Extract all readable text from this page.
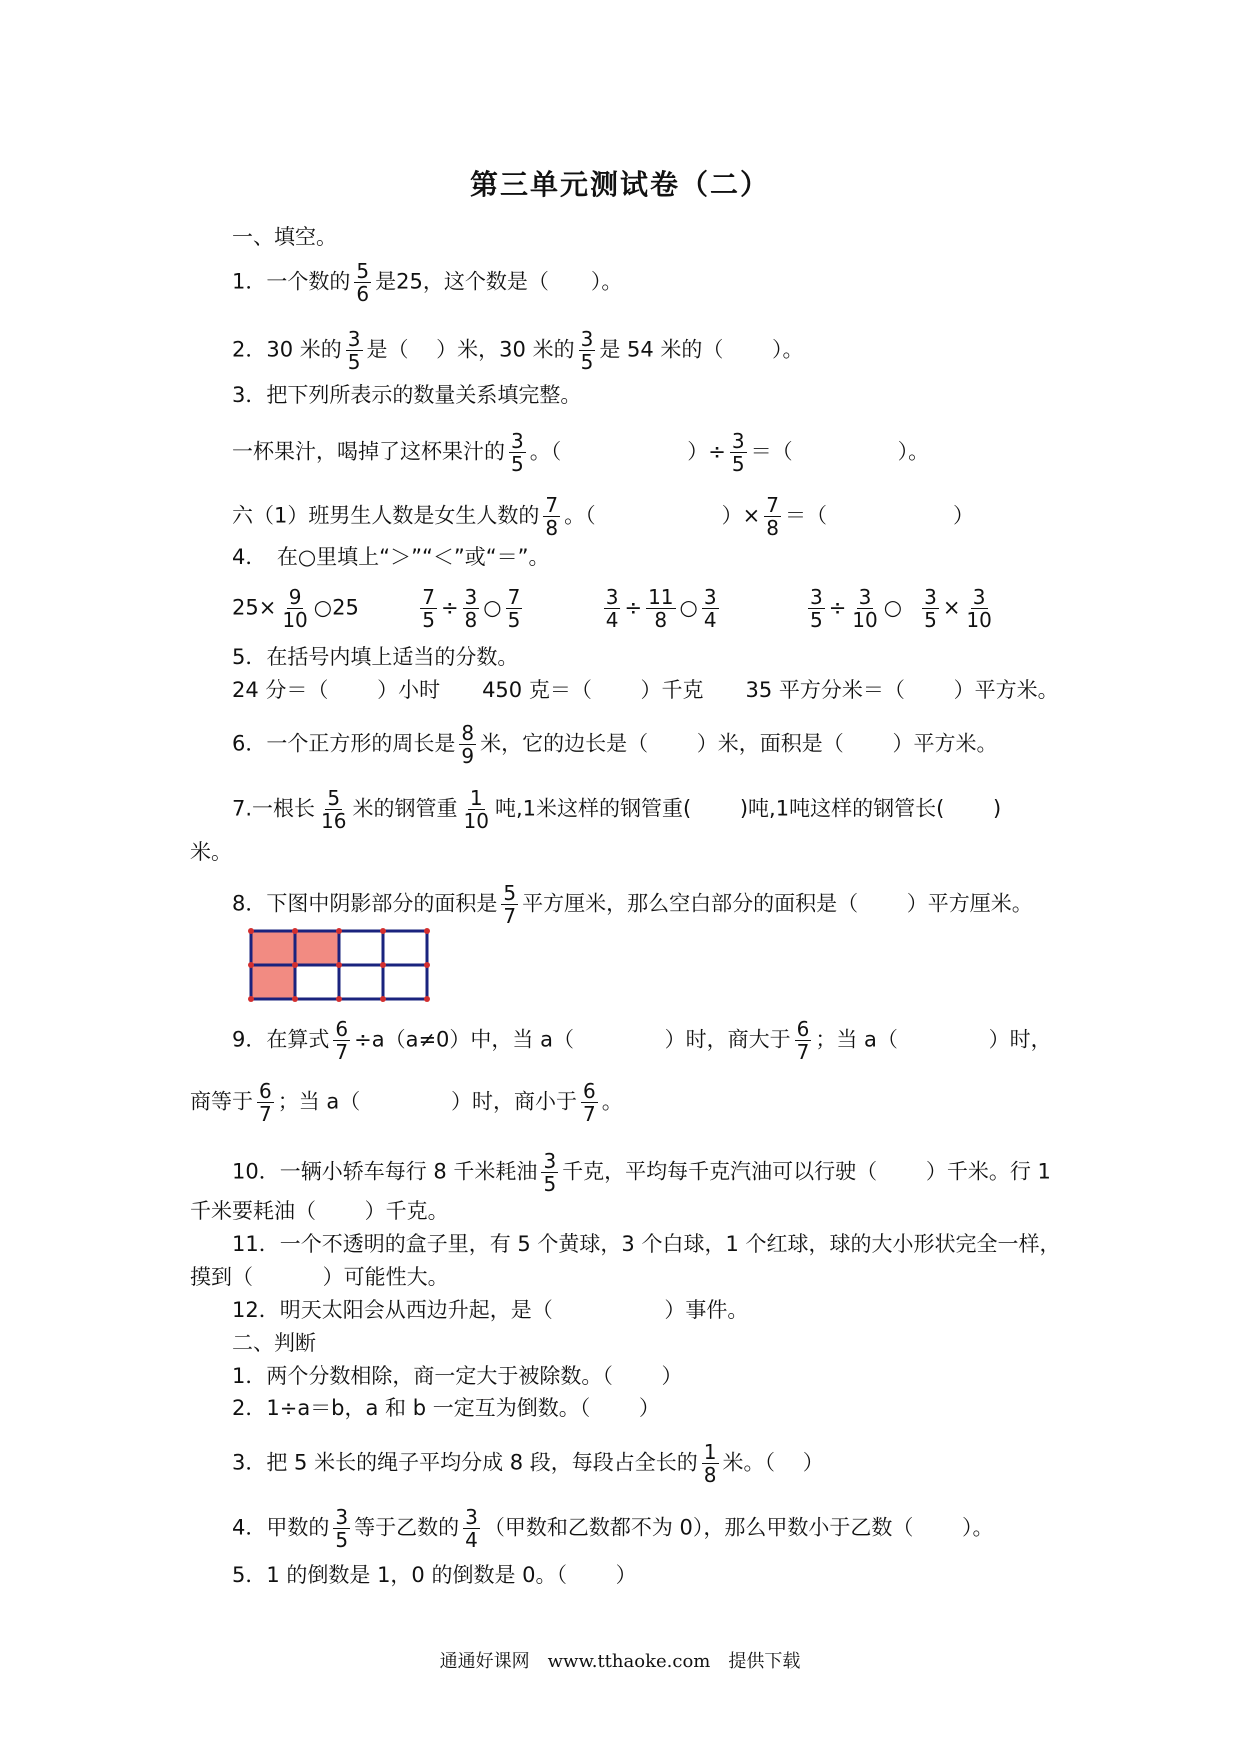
第三单元测试卷（二）
一、填空。
1．一个数的 $\frac{5}{6}$ 是25，这个数是（　　）。
2．30 米的 $\frac{3}{5}$ 是（　 ）米，30 米的 $\frac{3}{5}$ 是 54 米的（　　 ）。
3．把下列所表示的数量关系填完整。
一杯果汁，喝掉了这杯果汁的 $\frac{3}{5}$ 。（　　　　　　）÷ $\frac{3}{5}$ ＝（　　　　　）。
六（1）班男生人数是女生人数的 $\frac{7}{8}$ 。（　　　　　　）× $\frac{7}{8}$ ＝（　　　　　　）
4．　在○里填上“＞”“＜”或“＝”。
$25\times \frac{9}{10}$ ○25	$\frac{7}{5} \div \frac{3}{8}$ ○ $\frac{7}{5}$
	$\frac{3}{4} \div \frac{11}{8}$ ○ $\frac{3}{4}$
	$\frac{3}{5} \div \frac{3}{10}$ ○ $\frac{3}{5} \times \frac{3}{10}$
5．在括号内填上适当的分数。
24 分＝（　　 ）小时　　450 克＝（　　 ）千克　　35 平方分米＝（　　 ）平方米。
6．一个正方形的周长是 $\frac{8}{9}$ 米，它的边长是（　　 ）米，面积是（　　 ）平方米。
7.一根长 $\frac{5}{16}$ 米的钢管重 $\frac{1}{10}$ 吨,1米这样的钢管重(　　 )吨,1吨这样的钢管长(　　 )
米。
8．下图中阴影部分的面积是 $\frac{5}{7}$ 平方厘米，那么空白部分的面积是（　　 ）平方厘米。
9．在算式 $\frac{6}{7} \div a(a\ne 0)$中，当 a（　　　　 ）时，商大于 $\frac{6}{7}$ ；当 a（　　　　 ）时，
商等于 $\frac{6}{7}$ ；当 a（　　　　 ）时，商小于 $\frac{6}{7}$ 。
10．一辆小轿车每行 8 千米耗油 $\frac{3}{5}$ 千克，平均每千克汽油可以行驶（　　 ）千米。行 1
千米要耗油（　　 ）千克。
11．一个不透明的盒子里，有 5 个黄球，3 个白球，1 个红球，球的大小形状完全一样，
摸到（　　　 ）可能性大。
12．明天太阳会从西边升起，是（　　　　　 ）事件。
二、判断
1．两个分数相除，商一定大于被除数。（　　 ）
2．1÷a＝b，a 和 b 一定互为倒数。（　　 ）
3．把 5 米长的绳子平均分成 8 段，每段占全长的 $\frac{1}{8}$ 米。（　 ）
4．甲数的 $\frac{3}{5}$ 等于乙数的 $\frac{3}{4}$ （甲数和乙数都不为 0），那么甲数小于乙数（　　 ）。
5．1 的倒数是 1，0 的倒数是 0。（　　 ）
通通好课网　www.tthaoke.com　提供下载
